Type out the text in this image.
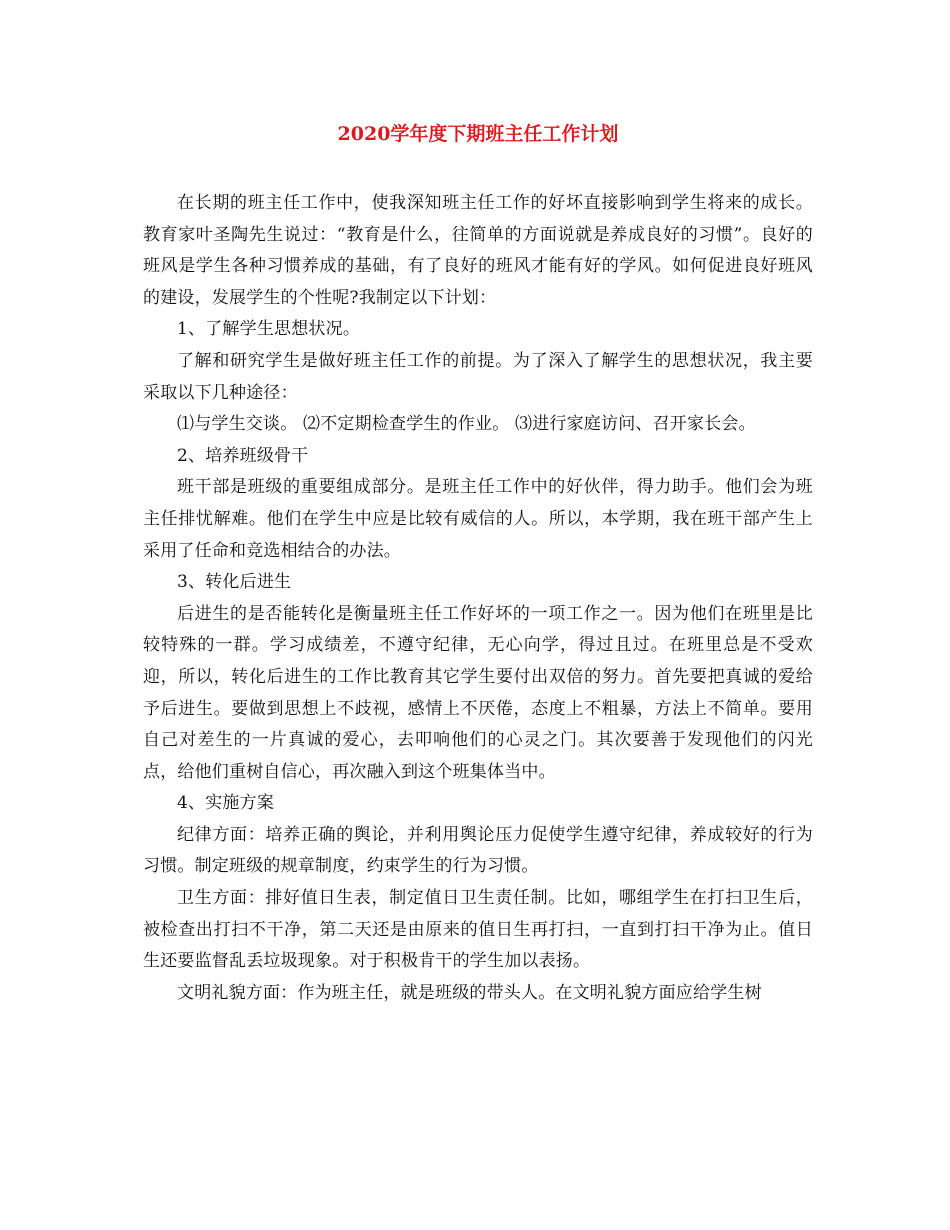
2020学年度下期班主任工作计划

在长期的班主任工作中，使我深知班主任工作的好坏直接影响到学生将来的成长。教育家叶圣陶先生说过：“教育是什么，往简单的方面说就是养成良好的习惯”。良好的班风是学生各种习惯养成的基础，有了良好的班风才能有好的学风。如何促进良好班风的建设，发展学生的个性呢?我制定以下计划：

1、了解学生思想状况。

了解和研究学生是做好班主任工作的前提。为了深入了解学生的思想状况，我主要采取以下几种途径：

⑴与学生交谈。 ⑵不定期检查学生的作业。 ⑶进行家庭访问、召开家长会。

2、培养班级骨干

班干部是班级的重要组成部分。是班主任工作中的好伙伴，得力助手。他们会为班主任排忧解难。他们在学生中应是比较有威信的人。所以，本学期，我在班干部产生上采用了任命和竞选相结合的办法。

3、转化后进生

后进生的是否能转化是衡量班主任工作好坏的一项工作之一。因为他们在班里是比较特殊的一群。学习成绩差，不遵守纪律，无心向学，得过且过。在班里总是不受欢迎，所以，转化后进生的工作比教育其它学生要付出双倍的努力。首先要把真诚的爱给予后进生。要做到思想上不歧视，感情上不厌倦，态度上不粗暴，方法上不简单。要用自己对差生的一片真诚的爱心，去叩响他们的心灵之门。其次要善于发现他们的闪光点，给他们重树自信心，再次融入到这个班集体当中。

4、实施方案

纪律方面：培养正确的舆论，并利用舆论压力促使学生遵守纪律，养成较好的行为习惯。制定班级的规章制度，约束学生的行为习惯。

卫生方面：排好值日生表，制定值日卫生责任制。比如，哪组学生在打扫卫生后，被检查出打扫不干净，第二天还是由原来的值日生再打扫，一直到打扫干净为止。值日生还要监督乱丢垃圾现象。对于积极肯干的学生加以表扬。

文明礼貌方面：作为班主任，就是班级的带头人。在文明礼貌方面应给学生树
